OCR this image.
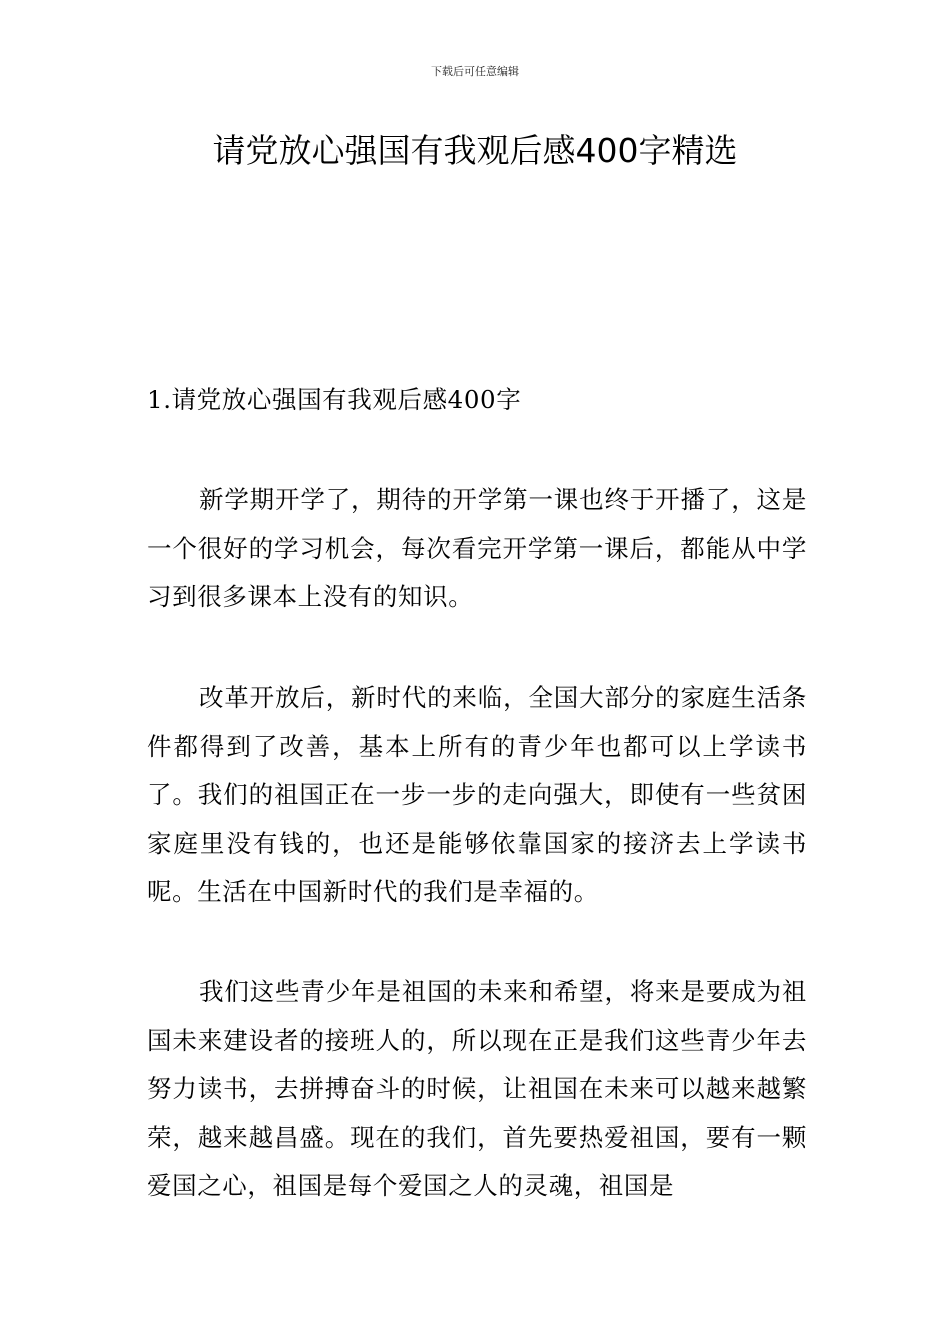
下载后可任意编辑
请党放心强国有我观后感400字精选
1.请党放心强国有我观后感400字

新学期开学了，期待的开学第一课也终于开播了，这是一个很好的学习机会，每次看完开学第一课后，都能从中学习到很多课本上没有的知识。

改革开放后，新时代的来临，全国大部分的家庭生活条件都得到了改善，基本上所有的青少年也都可以上学读书了。我们的祖国正在一步一步的走向强大，即使有一些贫困家庭里没有钱的，也还是能够依靠国家的接济去上学读书呢。生活在中国新时代的我们是幸福的。

我们这些青少年是祖国的未来和希望，将来是要成为祖国未来建设者的接班人的，所以现在正是我们这些青少年去努力读书，去拼搏奋斗的时候，让祖国在未来可以越来越繁荣，越来越昌盛。现在的我们，首先要热爱祖国，要有一颗爱国之心，祖国是每个爱国之人的灵魂，祖国是
